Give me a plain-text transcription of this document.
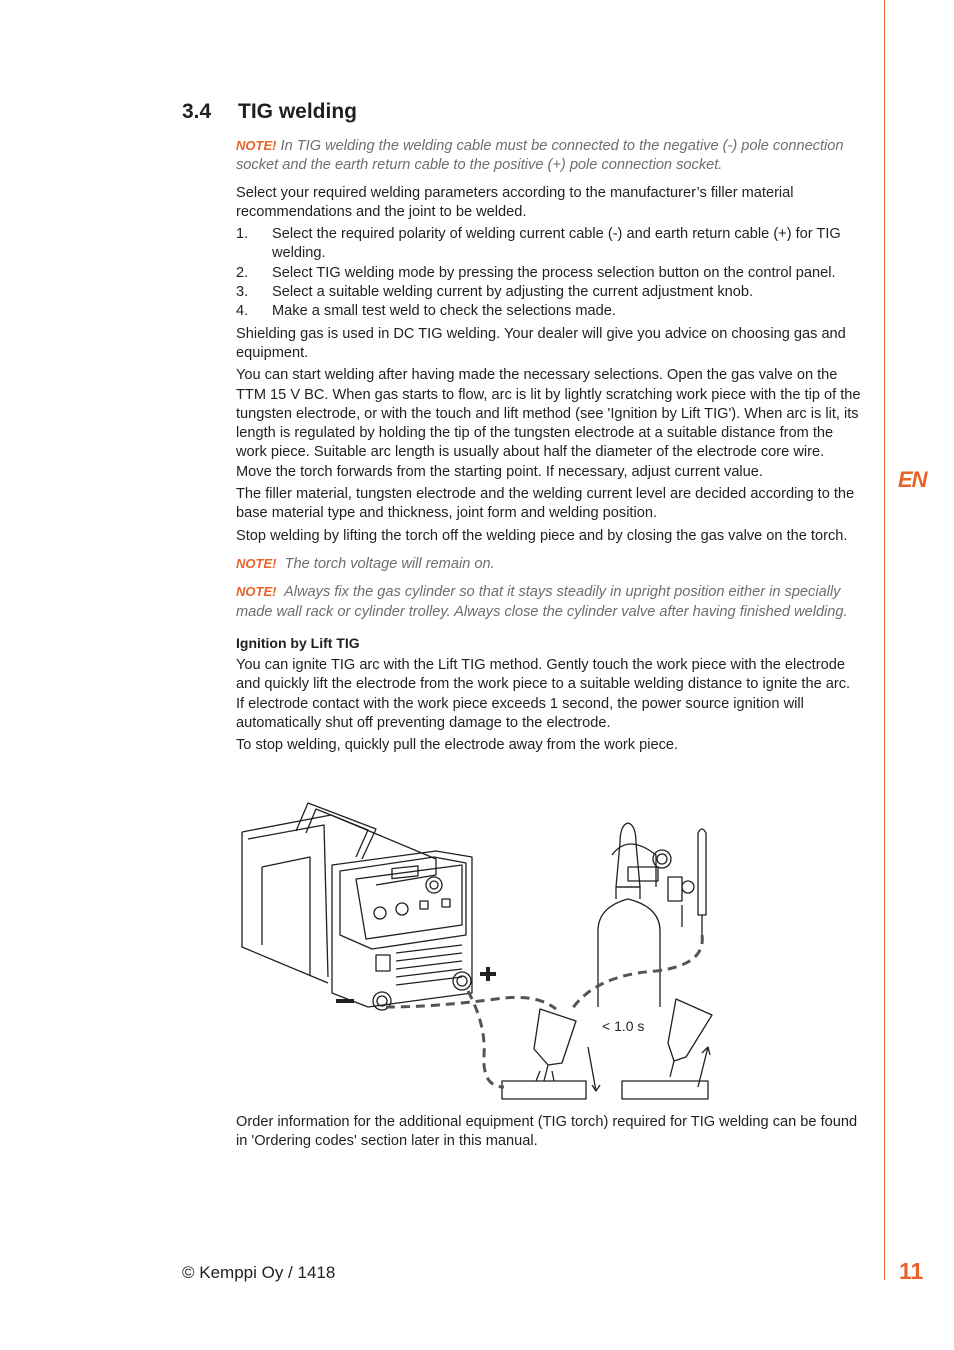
EN
3.4 TIG welding

NOTE! In TIG welding the welding cable must be connected to the negative (-) pole connection socket and the earth return cable to the positive (+) pole connection socket.

Select your required welding parameters according to the manufacturer’s filler material recommendations and the joint to be welded.

1.	Select the required polarity of welding current cable (-) and earth return cable (+) for TIG welding.
2.	Select TIG welding mode by pressing the process selection button on the control panel.
3.	Select a suitable welding current by adjusting the current adjustment knob.
4.	Make a small test weld to check the selections made.

Shielding gas is used in DC TIG welding. Your dealer will give you advice on choosing gas and equipment.

You can start welding after having made the necessary selections. Open the gas valve on the TTM 15 V BC. When gas starts to flow, arc is lit by lightly scratching work piece with the tip of the tungsten electrode, or with the touch and lift method (see 'Ignition by Lift TIG'). When arc is lit, its length is regulated by holding the tip of the tungsten electrode at a suitable distance from the work piece. Suitable arc length is usually about half the diameter of the electrode core wire. Move the torch forwards from the starting point. If necessary, adjust current value.

The filler material, tungsten electrode and the welding current level are decided according to the base material type and thickness, joint form and welding position.

Stop welding by lifting the torch off the welding piece and by closing the gas valve on the torch.

NOTE! The torch voltage will remain on.

NOTE! Always fix the gas cylinder so that it stays steadily in upright position either in specially made wall rack or cylinder trolley. Always close the cylinder valve after having finished welding.

Ignition by Lift TIG

You can ignite TIG arc with the Lift TIG method. Gently touch the work piece with the electrode and quickly lift the electrode from the work piece to a suitable welding distance to ignite the arc. If electrode contact with the work piece exceeds 1 second, the power source ignition will automatically shut off preventing damage to the electrode.

To stop welding, quickly pull the electrode away from the work piece.

< 1.0 s

Order information for the additional equipment (TIG torch) required for TIG welding can be found in 'Ordering codes' section later in this manual.

© Kemppi Oy / 1418	11
